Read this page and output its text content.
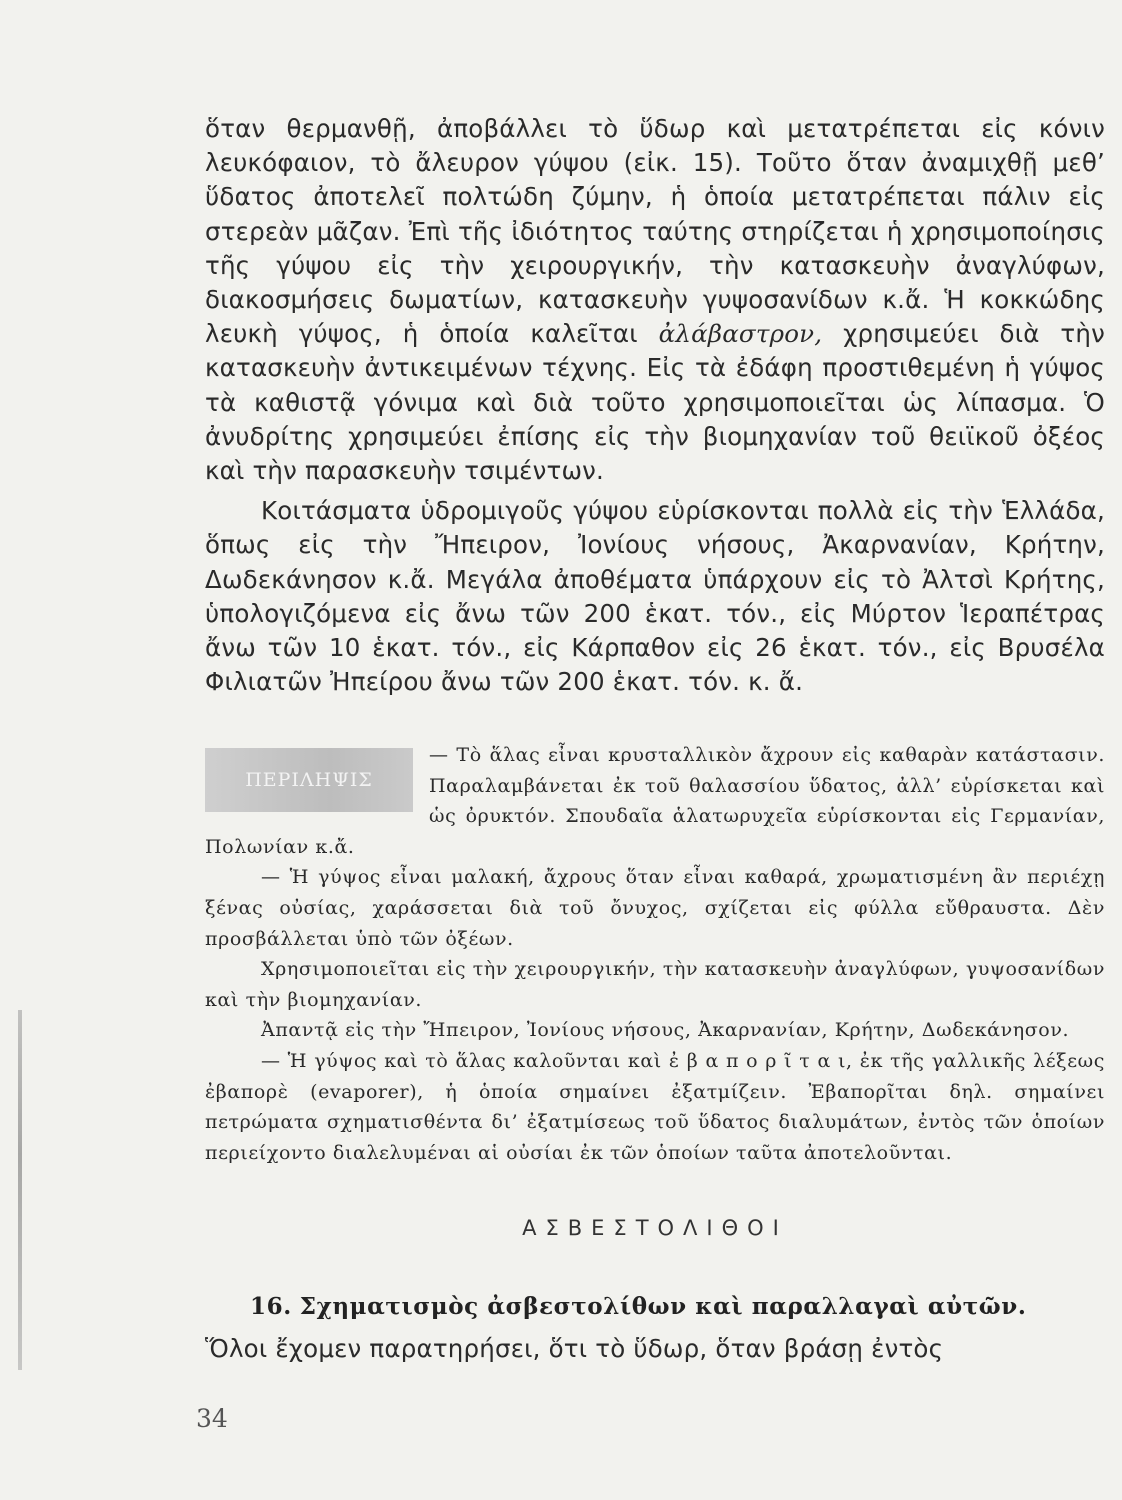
ὅταν θερμανθῇ, ἀποβάλλει τὸ ὕδωρ καὶ μετατρέπεται εἰς κόνιν λευκόφαιον, τὸ ἄλευρον γύψου (εἰκ. 15). Τοῦτο ὅταν ἀναμιχθῇ μεθ’ ὕδατος ἀποτελεῖ πολτώδη ζύμην, ἡ ὁποία μετατρέπεται πάλιν εἰς στερεὰν μᾶζαν. Ἐπὶ τῆς ἰδιότητος ταύτης στηρίζεται ἡ χρησιμοποίησις τῆς γύψου εἰς τὴν χειρουργικήν, τὴν κατασκευὴν ἀναγλύφων, διακοσμήσεις δωματίων, κατασκευὴν γυψοσανίδων κ.ἄ. Ἡ κοκκώδης λευκὴ γύψος, ἡ ὁποία καλεῖται ἀλάβαστρον, χρησιμεύει διὰ τὴν κατασκευὴν ἀντικειμένων τέχνης. Εἰς τὰ ἐδάφη προστιθεμένη ἡ γύψος τὰ καθιστᾷ γόνιμα καὶ διὰ τοῦτο χρησιμοποιεῖται ὡς λίπασμα. Ὁ ἀνυδρίτης χρησιμεύει ἐπίσης εἰς τὴν βιομηχανίαν τοῦ θειϊκοῦ ὀξέος καὶ τὴν παρασκευὴν τσιμέντων.

Κοιτάσματα ὑδρομιγοῦς γύψου εὑρίσκονται πολλὰ εἰς τὴν Ἑλλάδα, ὅπως εἰς τὴν Ἤπειρον, Ἰονίους νήσους, Ἀκαρνανίαν, Κρήτην, Δωδεκάνησον κ.ἄ. Μεγάλα ἀποθέματα ὑπάρχουν εἰς τὸ Ἀλτσὶ Κρήτης, ὑπολογιζόμενα εἰς ἄνω τῶν 200 ἑκατ. τόν., εἰς Μύρτον Ἱεραπέτρας ἄνω τῶν 10 ἑκατ. τόν., εἰς Κάρπαθον εἰς 26 ἑκατ. τόν., εἰς Βρυσέλα Φιλιατῶν Ἠπείρου ἄνω τῶν 200 ἑκατ. τόν. κ. ἄ.

ΠΕΡΙΛΗΨΙΣ

— Τὸ ἅλας εἶναι κρυσταλλικὸν ἄχρουν εἰς καθαρὰν κατάστασιν. Παραλαμβάνεται ἐκ τοῦ θαλασσίου ὕδατος, ἀλλ’ εὑρίσκεται καὶ ὡς ὀρυκτόν. Σπουδαῖα ἁλατωρυχεῖα εὑρίσκονται εἰς Γερμανίαν, Πολωνίαν κ.ἄ.

— Ἡ γύψος εἶναι μαλακή, ἄχρους ὅταν εἶναι καθαρά, χρωματισμένη ἂν περιέχῃ ξένας οὐσίας, χαράσσεται διὰ τοῦ ὄνυχος, σχίζεται εἰς φύλλα εὔθραυστα. Δὲν προσβάλλεται ὑπὸ τῶν ὀξέων.

Χρησιμοποιεῖται εἰς τὴν χειρουργικήν, τὴν κατασκευὴν ἀναγλύφων, γυψοσανίδων καὶ τὴν βιομηχανίαν.

Ἀπαντᾷ εἰς τὴν Ἤπειρον, Ἰονίους νήσους, Ἀκαρνανίαν, Κρήτην, Δωδεκάνησον.

— Ἡ γύψος καὶ τὸ ἅλας καλοῦνται καὶ ἐ β α π ο ρ ῖ τ α ι, ἐκ τῆς γαλλικῆς λέξεως ἐβαπορὲ (evaporer), ἡ ὁποία σημαίνει ἐξατμίζειν. Ἐβαπορῖται δηλ. σημαίνει πετρώματα σχηματισθέντα δι’ ἐξατμίσεως τοῦ ὕδατος διαλυμάτων, ἐντὸς τῶν ὁποίων περιείχοντο διαλελυμέναι αἱ οὐσίαι ἐκ τῶν ὁποίων ταῦτα ἀποτελοῦνται.

ΑΣΒΕΣΤΟΛΙΘΟΙ
16. Σχηματισμὸς ἀσβεστολίθων καὶ παραλλαγαὶ αὐτῶν.

Ὅλοι ἔχομεν παρατηρήσει, ὅτι τὸ ὕδωρ, ὅταν βράσῃ ἐντὸς

34
